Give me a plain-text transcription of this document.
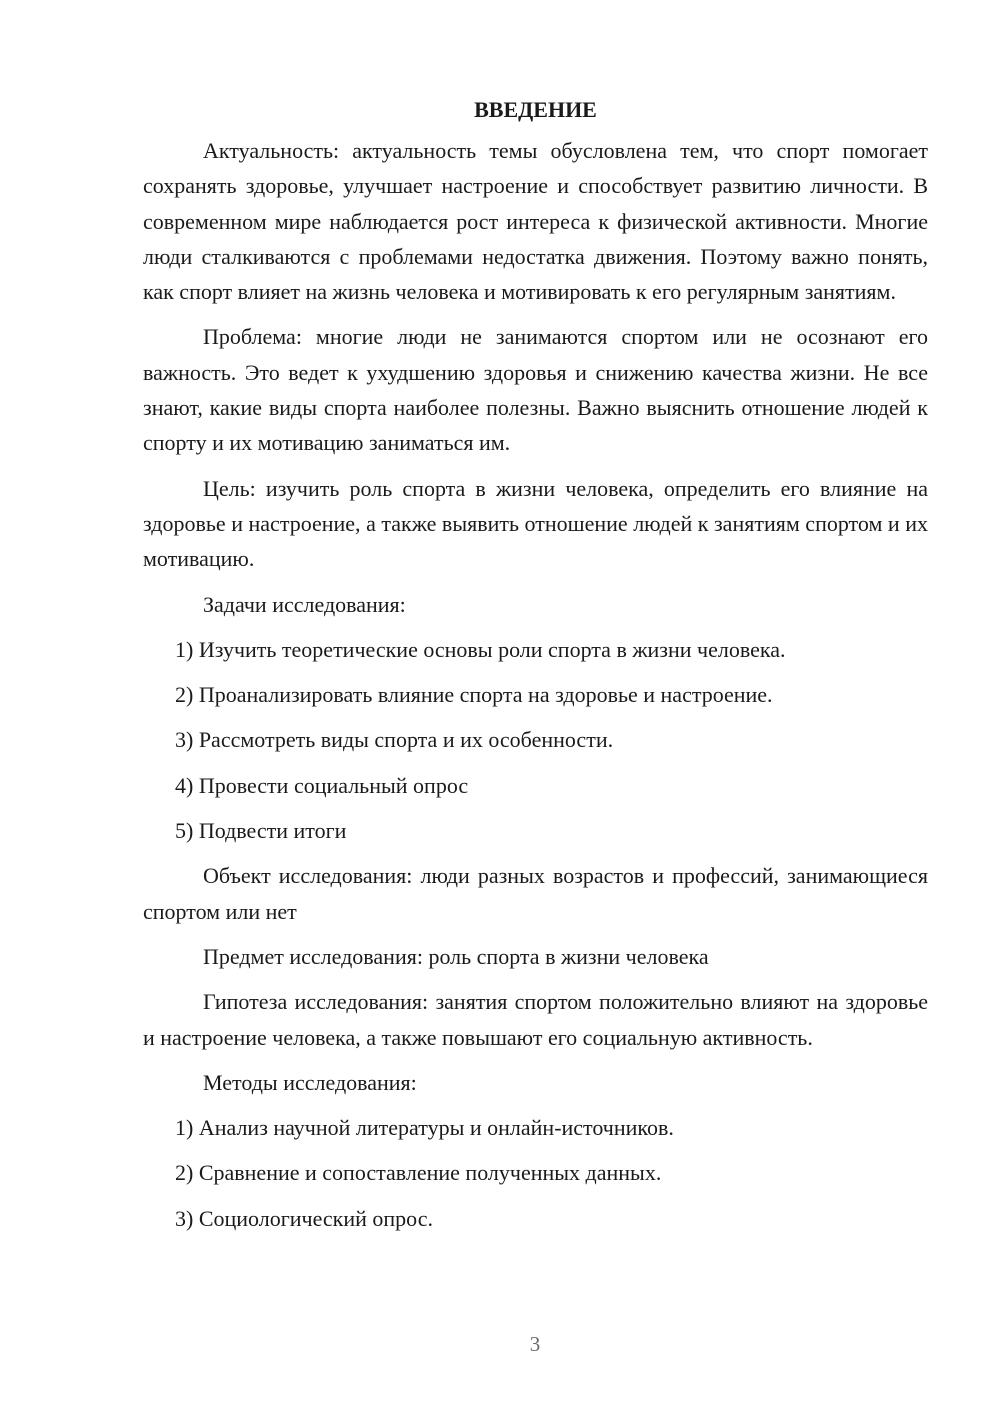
ВВЕДЕНИЕ

Актуальность: актуальность темы обусловлена тем, что спорт помогает сохранять здоровье, улучшает настроение и способствует развитию личности. В современном мире наблюдается рост интереса к физической активности. Многие люди сталкиваются с проблемами недостатка движения. Поэтому важно понять, как спорт влияет на жизнь человека и мотивировать к его регулярным занятиям.

Проблема: многие люди не занимаются спортом или не осознают его важность. Это ведет к ухудшению здоровья и снижению качества жизни. Не все знают, какие виды спорта наиболее полезны. Важно выяснить отношение людей к спорту и их мотивацию заниматься им.

Цель: изучить роль спорта в жизни человека, определить его влияние на здоровье и настроение, а также выявить отношение людей к занятиям спортом и их мотивацию.

Задачи исследования:

1) Изучить теоретические основы роли спорта в жизни человека.

2) Проанализировать влияние спорта на здоровье и настроение.

3) Рассмотреть виды спорта и их особенности.

4) Провести социальный опрос

5) Подвести итоги

Объект исследования: люди разных возрастов и профессий, занимающиеся спортом или нет

Предмет исследования: роль спорта в жизни человека

Гипотеза исследования: занятия спортом положительно влияют на здоровье и настроение человека, а также повышают его социальную активность.

Методы исследования:

1) Анализ научной литературы и онлайн-источников.

2) Сравнение и сопоставление полученных данных.

3) Социологический опрос.

3
